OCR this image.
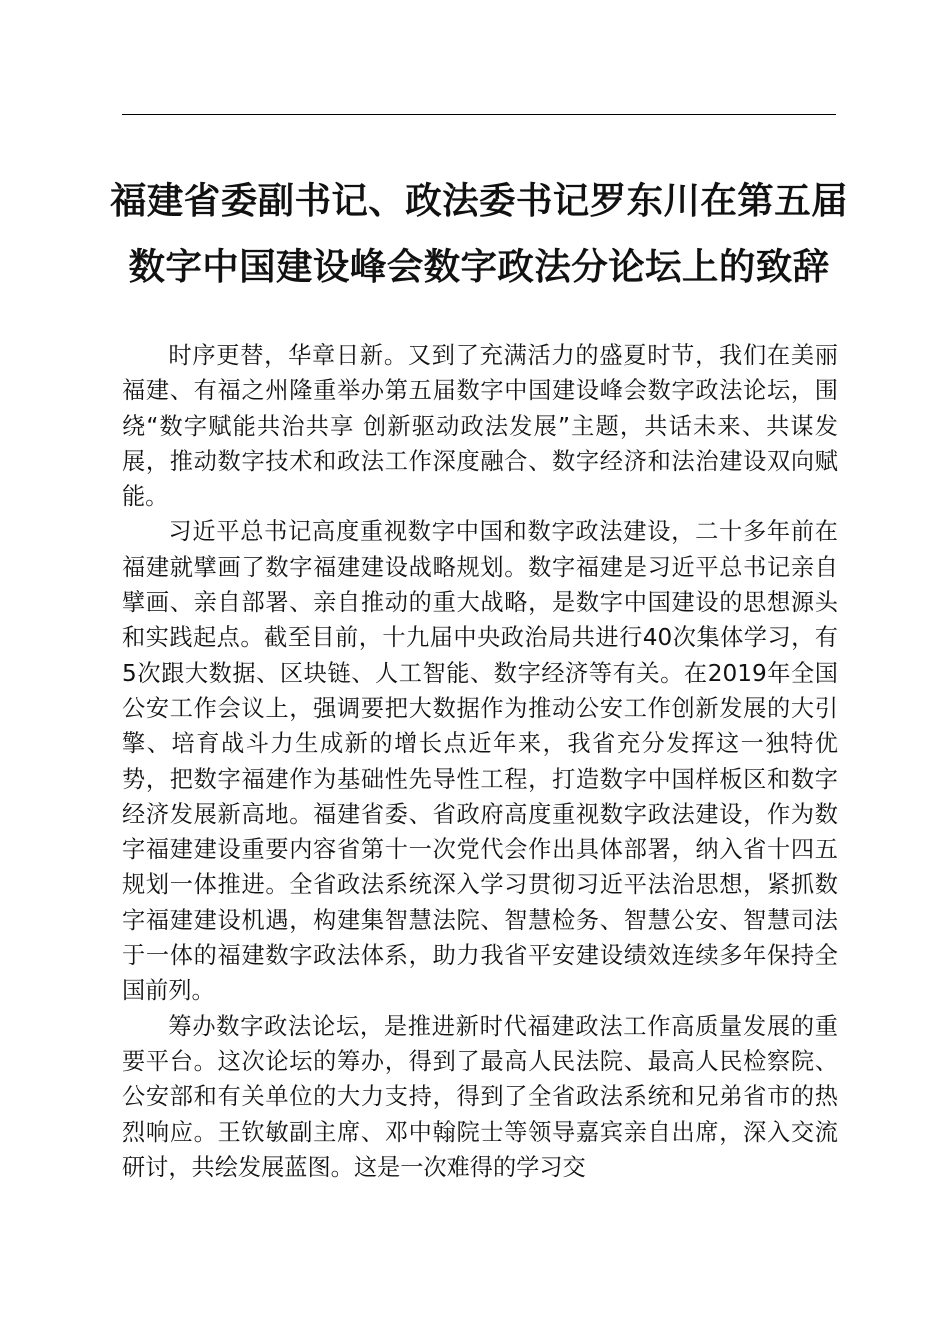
福建省委副书记、政法委书记罗东川在第五届
数字中国建设峰会数字政法分论坛上的致辞

时序更替，华章日新。又到了充满活力的盛夏时节，我们在美丽福建、有福之州隆重举办第五届数字中国建设峰会数字政法论坛，围绕“数字赋能共治共享 创新驱动政法发展”主题，共话未来、共谋发展，推动数字技术和政法工作深度融合、数字经济和法治建设双向赋能。

习近平总书记高度重视数字中国和数字政法建设，二十多年前在福建就擘画了数字福建建设战略规划。数字福建是习近平总书记亲自擘画、亲自部署、亲自推动的重大战略，是数字中国建设的思想源头和实践起点。截至目前，十九届中央政治局共进行40次集体学习，有5次跟大数据、区块链、人工智能、数字经济等有关。在2019年全国公安工作会议上，强调要把大数据作为推动公安工作创新发展的大引擎、培育战斗力生成新的增长点近年来，我省充分发挥这一独特优势，把数字福建作为基础性先导性工程，打造数字中国样板区和数字经济发展新高地。福建省委、省政府高度重视数字政法建设，作为数字福建建设重要内容省第十一次党代会作出具体部署，纳入省十四五规划一体推进。全省政法系统深入学习贯彻习近平法治思想，紧抓数字福建建设机遇，构建集智慧法院、智慧检务、智慧公安、智慧司法于一体的福建数字政法体系，助力我省平安建设绩效连续多年保持全国前列。

筹办数字政法论坛，是推进新时代福建政法工作高质量发展的重要平台。这次论坛的筹办，得到了最高人民法院、最高人民检察院、公安部和有关单位的大力支持，得到了全省政法系统和兄弟省市的热烈响应。王钦敏副主席、邓中翰院士等领导嘉宾亲自出席，深入交流研讨，共绘发展蓝图。这是一次难得的学习交
